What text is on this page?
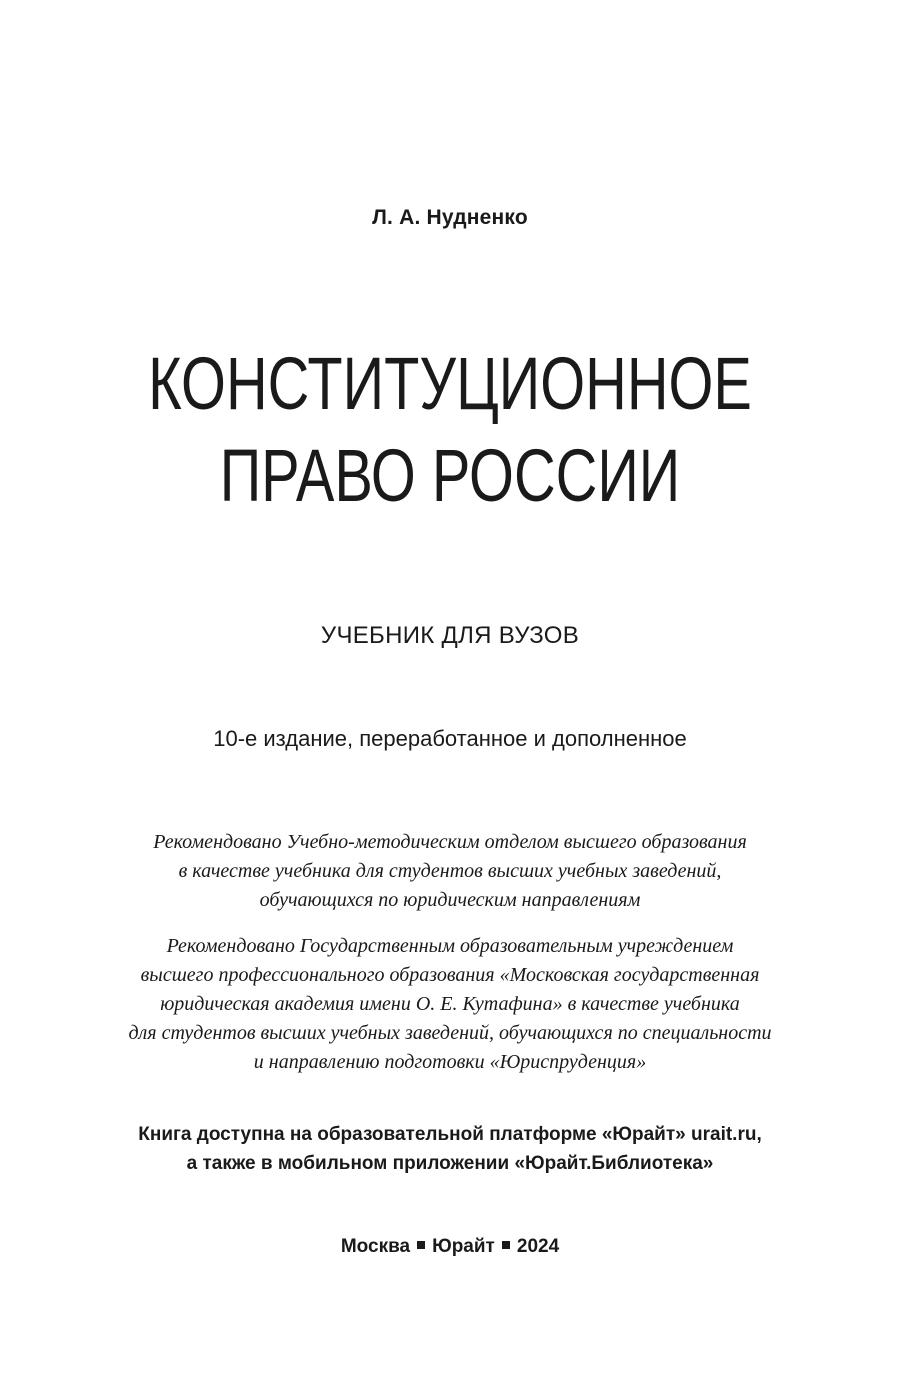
Л. А. Нудненко
КОНСТИТУЦИОННОЕ
ПРАВО РОССИИ
УЧЕБНИК ДЛЯ ВУЗОВ
10-е издание, переработанное и дополненное
Рекомендовано Учебно-методическим отделом высшего образования
в качестве учебника для студентов высших учебных заведений,
обучающихся по юридическим направлениям
Рекомендовано Государственным образовательным учреждением
высшего профессионального образования «Московская государственная
юридическая академия имени О. Е. Кутафина» в качестве учебника
для студентов высших учебных заведений, обучающихся по специальности
и направлению подготовки «Юриспруденция»
Книга доступна на образовательной платформе «Юрайт» urait.ru,
а также в мобильном приложении «Юрайт.Библиотека»
Москва Юрайт 2024
